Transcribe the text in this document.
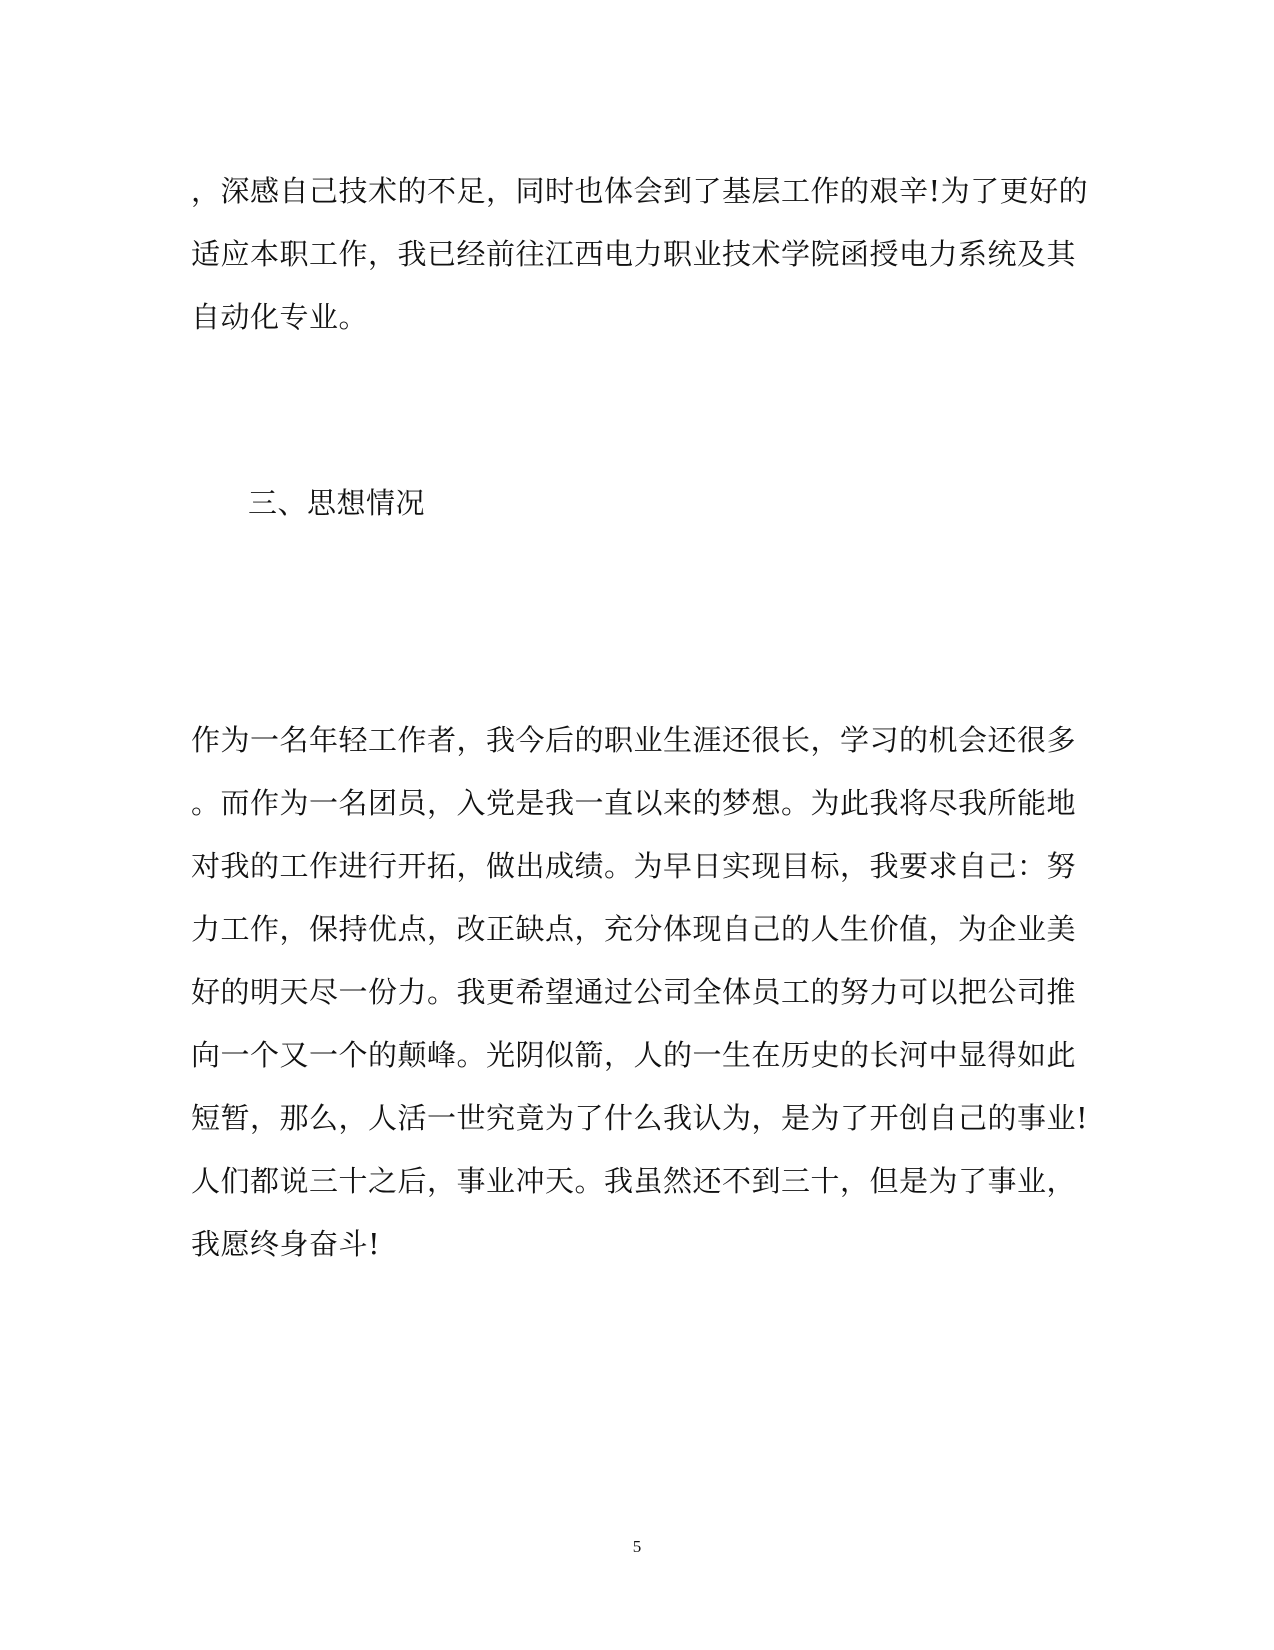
，深感自己技术的不足，同时也体会到了基层工作的艰辛!为了更好的
适应本职工作，我已经前往江西电力职业技术学院函授电力系统及其
自动化专业。
三、思想情况
作为一名年轻工作者，我今后的职业生涯还很长，学习的机会还很多
。而作为一名团员，入党是我一直以来的梦想。为此我将尽我所能地
对我的工作进行开拓，做出成绩。为早日实现目标，我要求自己：努
力工作，保持优点，改正缺点，充分体现自己的人生价值，为企业美
好的明天尽一份力。我更希望通过公司全体员工的努力可以把公司推
向一个又一个的颠峰。光阴似箭，人的一生在历史的长河中显得如此
短暂，那么，人活一世究竟为了什么我认为，是为了开创自己的事业!
人们都说三十之后，事业冲天。我虽然还不到三十，但是为了事业，
我愿终身奋斗!
5
